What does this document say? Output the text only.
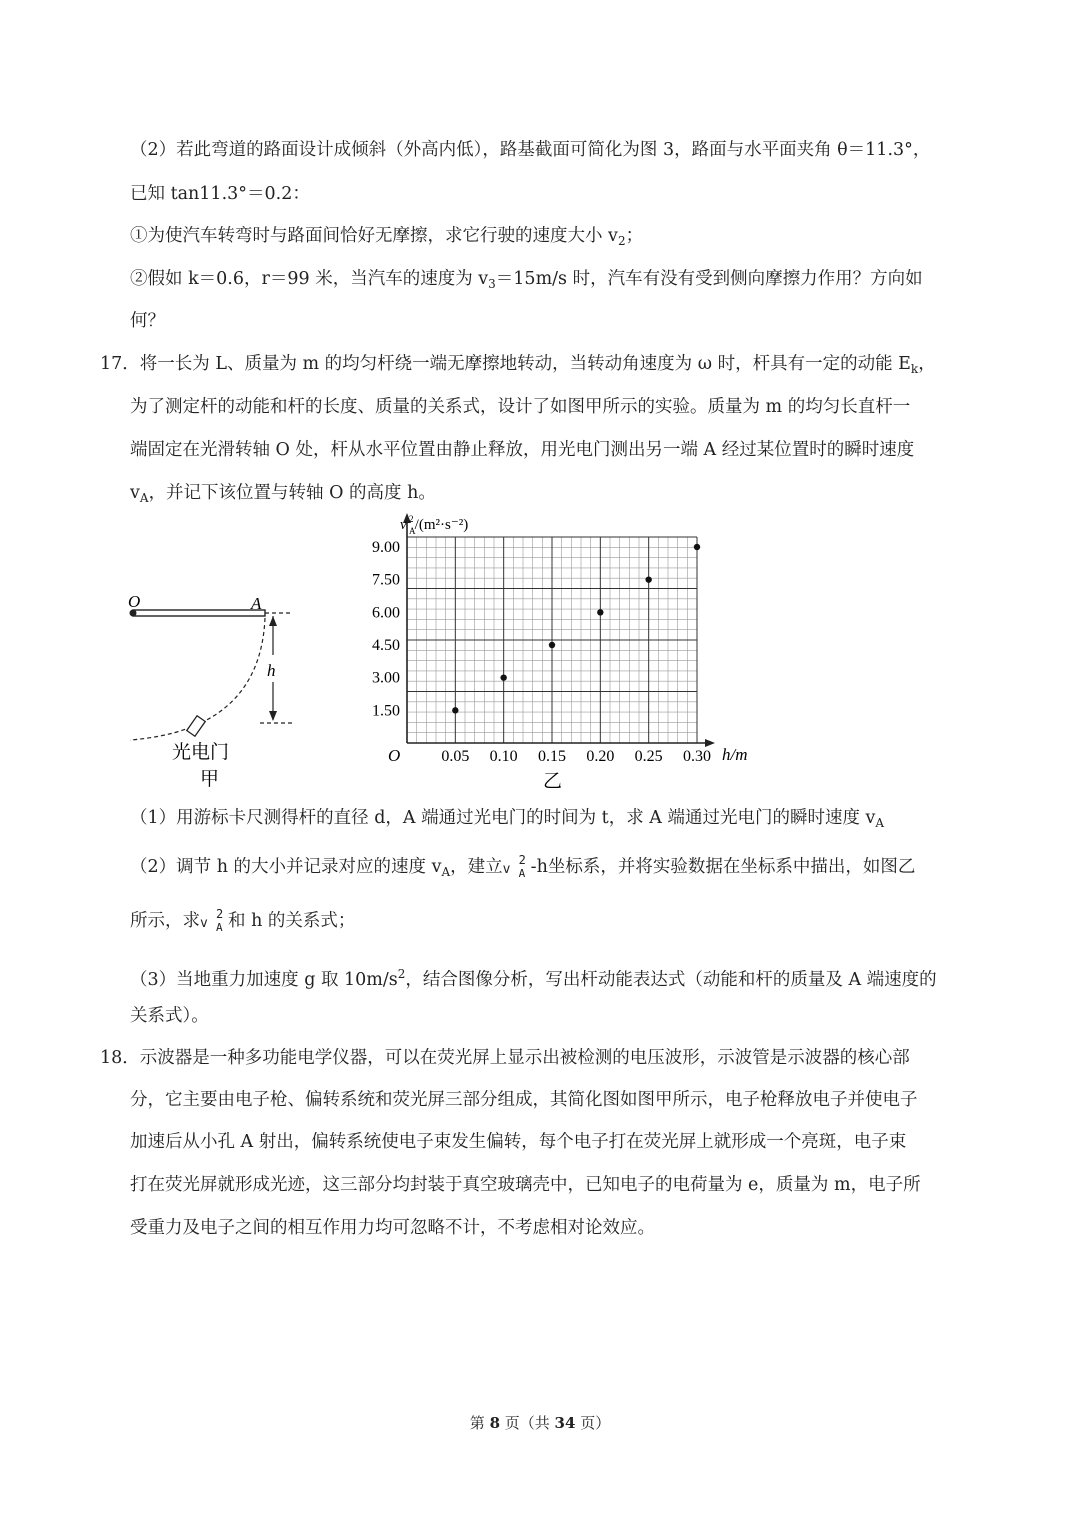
（2）若此弯道的路面设计成倾斜（外高内低），路基截面可简化为图 3，路面与水平面夹角 θ＝11.3°，
已知 tan11.3°＝0.2：
①为使汽车转弯时与路面间恰好无摩擦，求它行驶的速度大小 $v_2$；
②假如 k＝0.6，r＝99 米，当汽车的速度为 $v_3=15m/s$ 时，汽车有没有受到侧向摩擦力作用？方向如
何？
17．将一长为 L、质量为 m 的均匀杆绕一端无摩擦地转动，当转动角速度为 ω 时，杆具有一定的动能 $E_k$，
为了测定杆的动能和杆的长度、质量的关系式，设计了如图甲所示的实验。质量为 m 的均匀长直杆一
端固定在光滑转轴 O 处，杆从水平位置由静止释放，用光电门测出另一端 A 经过某位置时的瞬时速度
$v_A$，并记下该位置与转轴 O 的高度 h。
O	A
h
光电门
甲
0.05 0.10 0.15 0.20 0.25 0.30
1.50
3.00
4.50
6.00
7.50
9.00
O
v /(m²·s⁻²)
2
A
h/m
乙
（1）用游标卡尺测得杆的直径 d，A 端通过光电门的时间为 t，求 A 端通过光电门的瞬时速度 $v_A$
（2）调节 h 的大小并记录对应的速度 $v_A$，建立 v
2
A -h坐标系，并将实验数据在坐标系中描出，如图乙
所示，求 v
2
A 和 h 的关系式；
（3）当地重力加速度 g 取 $10m/s^2$，结合图像分析，写出杆动能表达式（动能和杆的质量及 A 端速度的
关系式）。
18．示波器是一种多功能电学仪器，可以在荧光屏上显示出被检测的电压波形，示波管是示波器的核心部
分，它主要由电子枪、偏转系统和荧光屏三部分组成，其简化图如图甲所示，电子枪释放电子并使电子
加速后从小孔 A 射出，偏转系统使电子束发生偏转，每个电子打在荧光屏上就形成一个亮斑，电子束
打在荧光屏就形成光迹，这三部分均封装于真空玻璃壳中，已知电子的电荷量为 e，质量为 m，电子所
受重力及电子之间的相互作用力均可忽略不计，不考虑相对论效应。
第 8 页（共 34 页）
